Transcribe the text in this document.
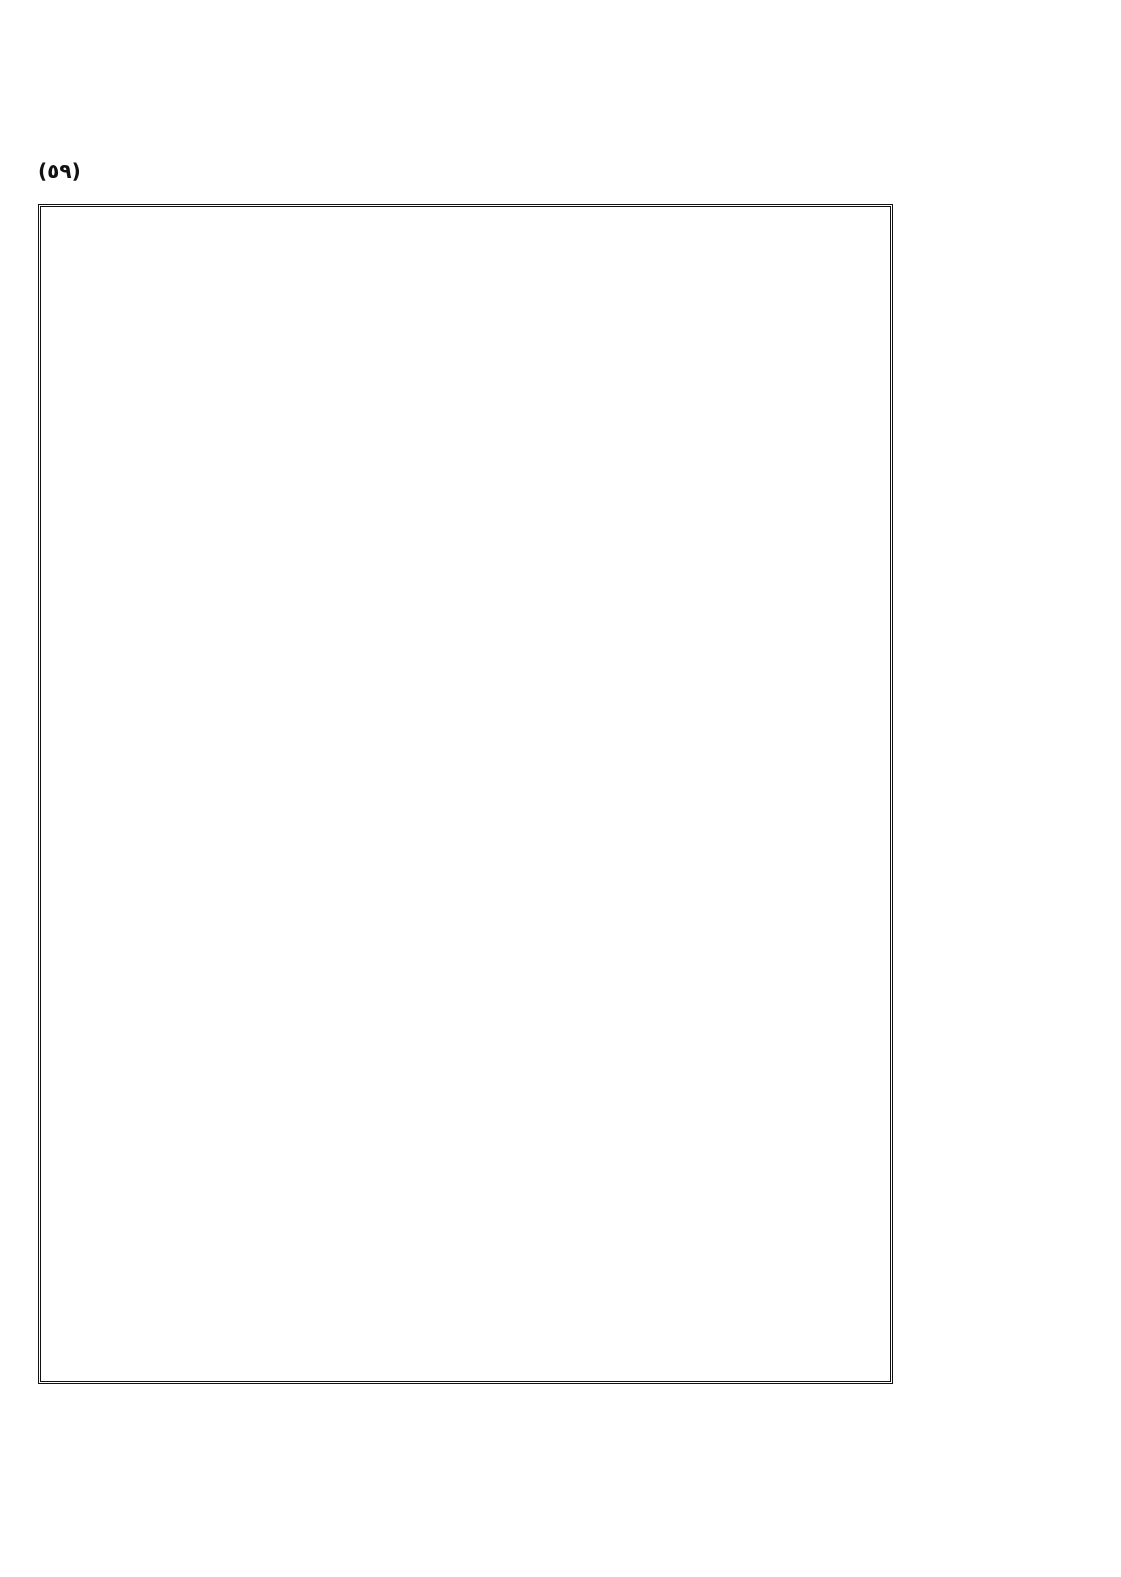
(٥٩)
